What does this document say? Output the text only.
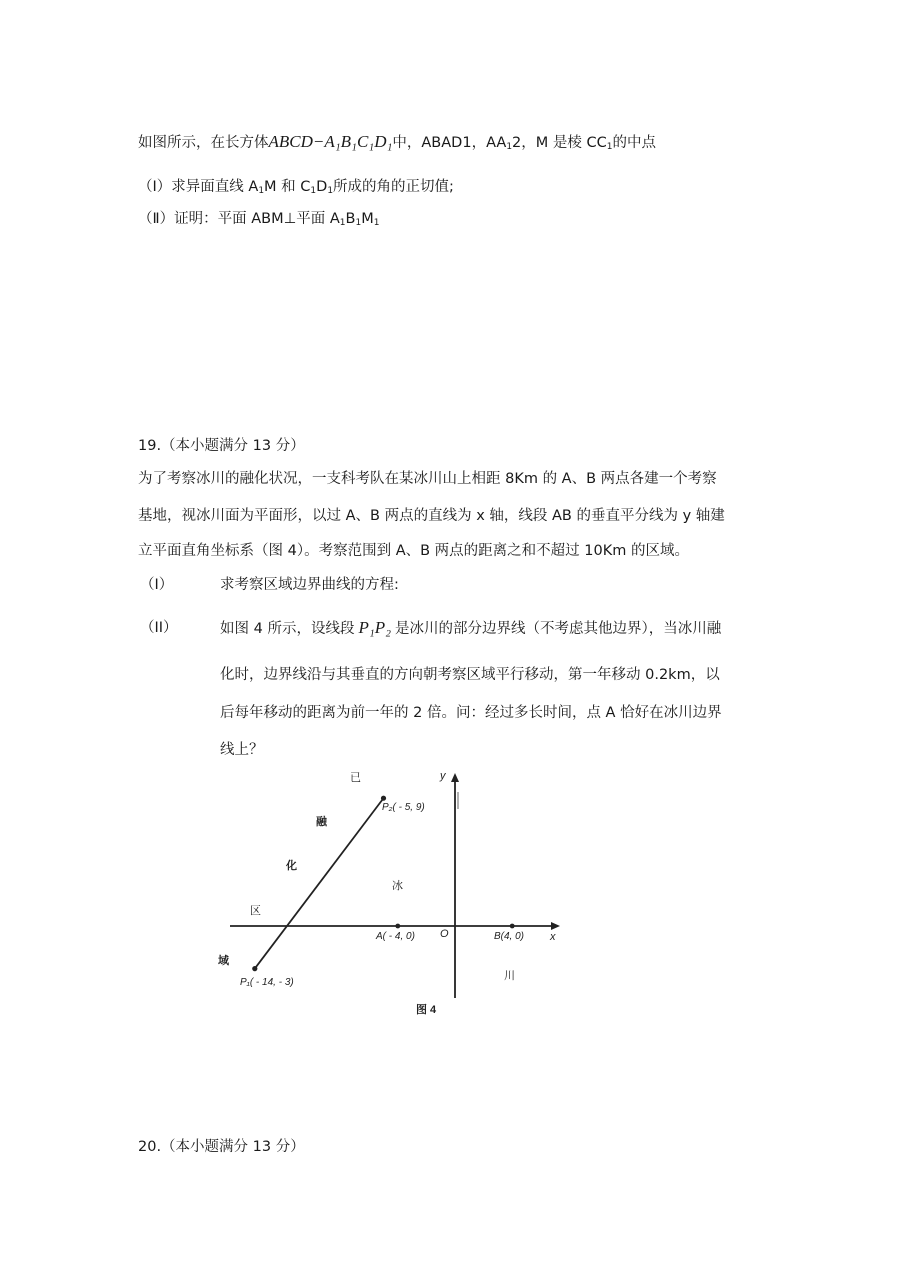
如图所示，在长方体ABCD−A₁B₁C₁D₁中，ABAD1，$AA_12$，M 是棱 $CC_1$的中点
（Ⅰ）求异面直线 $A_1M$ 和 $C_1D_1$所成的角的正切值;
（Ⅱ）证明：平面 ABM⊥平面 $A_1B_1M_1$
19.（本小题满分 13 分）
为了考察冰川的融化状况，一支科考队在某冰川山上相距 8Km 的 A、B 两点各建一个考察
基地，视冰川面为平面形，以过 A、B 两点的直线为 x 轴，线段 AB 的垂直平分线为 y 轴建
立平面直角坐标系（图 4）。考察范围到 A、B 两点的距离之和不超过 10Km 的区域。
（I）	求考察区域边界曲线的方程:
（II）	如图 4 所示，设线段 P₁P₂ 是冰川的部分边界线（不考虑其他边界），当冰川融
化时，边界线沿与其垂直的方向朝考察区域平行移动，第一年移动 0.2km，以
后每年移动的距离为前一年的 2 倍。问：经过多长时间，点 A 恰好在冰川边界
线上？
y
x
O
P₂( - 5, 9)
P₁( - 14, - 3)
A( - 4, 0)	B(4, 0)
已
融
化
区
域
冰
川
图 4
20.（本小题满分 13 分）
